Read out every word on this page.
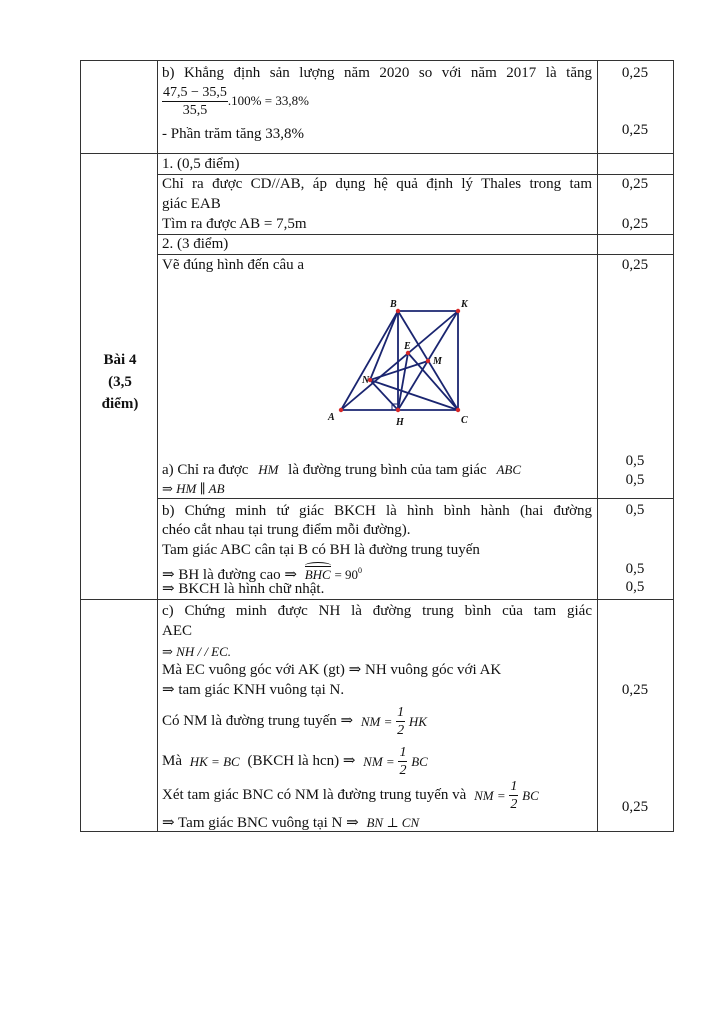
b) Khẳng định sản lượng năm 2020 so với năm 2017 là tăng
$\frac{47,5 - 35,5}{35,5} .100\% = 33,8\%$
- Phần trăm tăng 33,8%
0,25
0,25
Bài 4
(3,5
điểm)
1. (0,5 điểm)
Chỉ ra được CD//AB, áp dụng hệ quả định lý Thales trong tam
giác EAB
Tìm ra được AB = 7,5m
0,25
0,25
2. (3 điểm)
Vẽ đúng hình đến câu a	0,25
A
B
C
H
K
E
M
N
a) Chỉ ra được HM là đường trung bình của tam giác ABC
⇒ HM ∥ AB
0,5
0,5
b) Chứng minh tứ giác BKCH là hình bình hành (hai đường
chéo cắt nhau tại trung điểm mỗi đường).
Tam giác ABC cân tại B có BH là đường trung tuyến
⇒ BH là đường cao ⇒ BHC = $90^0$
⇒ BKCH là hình chữ nhật.
0,5
0,5
0,5
c) Chứng minh được NH là đường trung bình của tam giác
AEC
⇒ NH / / EC.
Mà EC vuông góc với AK (gt) ⇒ NH vuông góc với AK
⇒ tam giác KNH vuông tại N.
Có NM là đường trung tuyến ⇒ NM = $\frac{1}{2}$ HK
Mà HK = BC (BKCH là hcn) ⇒ NM = $\frac{1}{2}$ BC
Xét tam giác BNC có NM là đường trung tuyến và NM = $\frac{1}{2}$ BC
⇒ Tam giác BNC vuông tại N ⇒ BN ⊥ CN
0,25
0,25
